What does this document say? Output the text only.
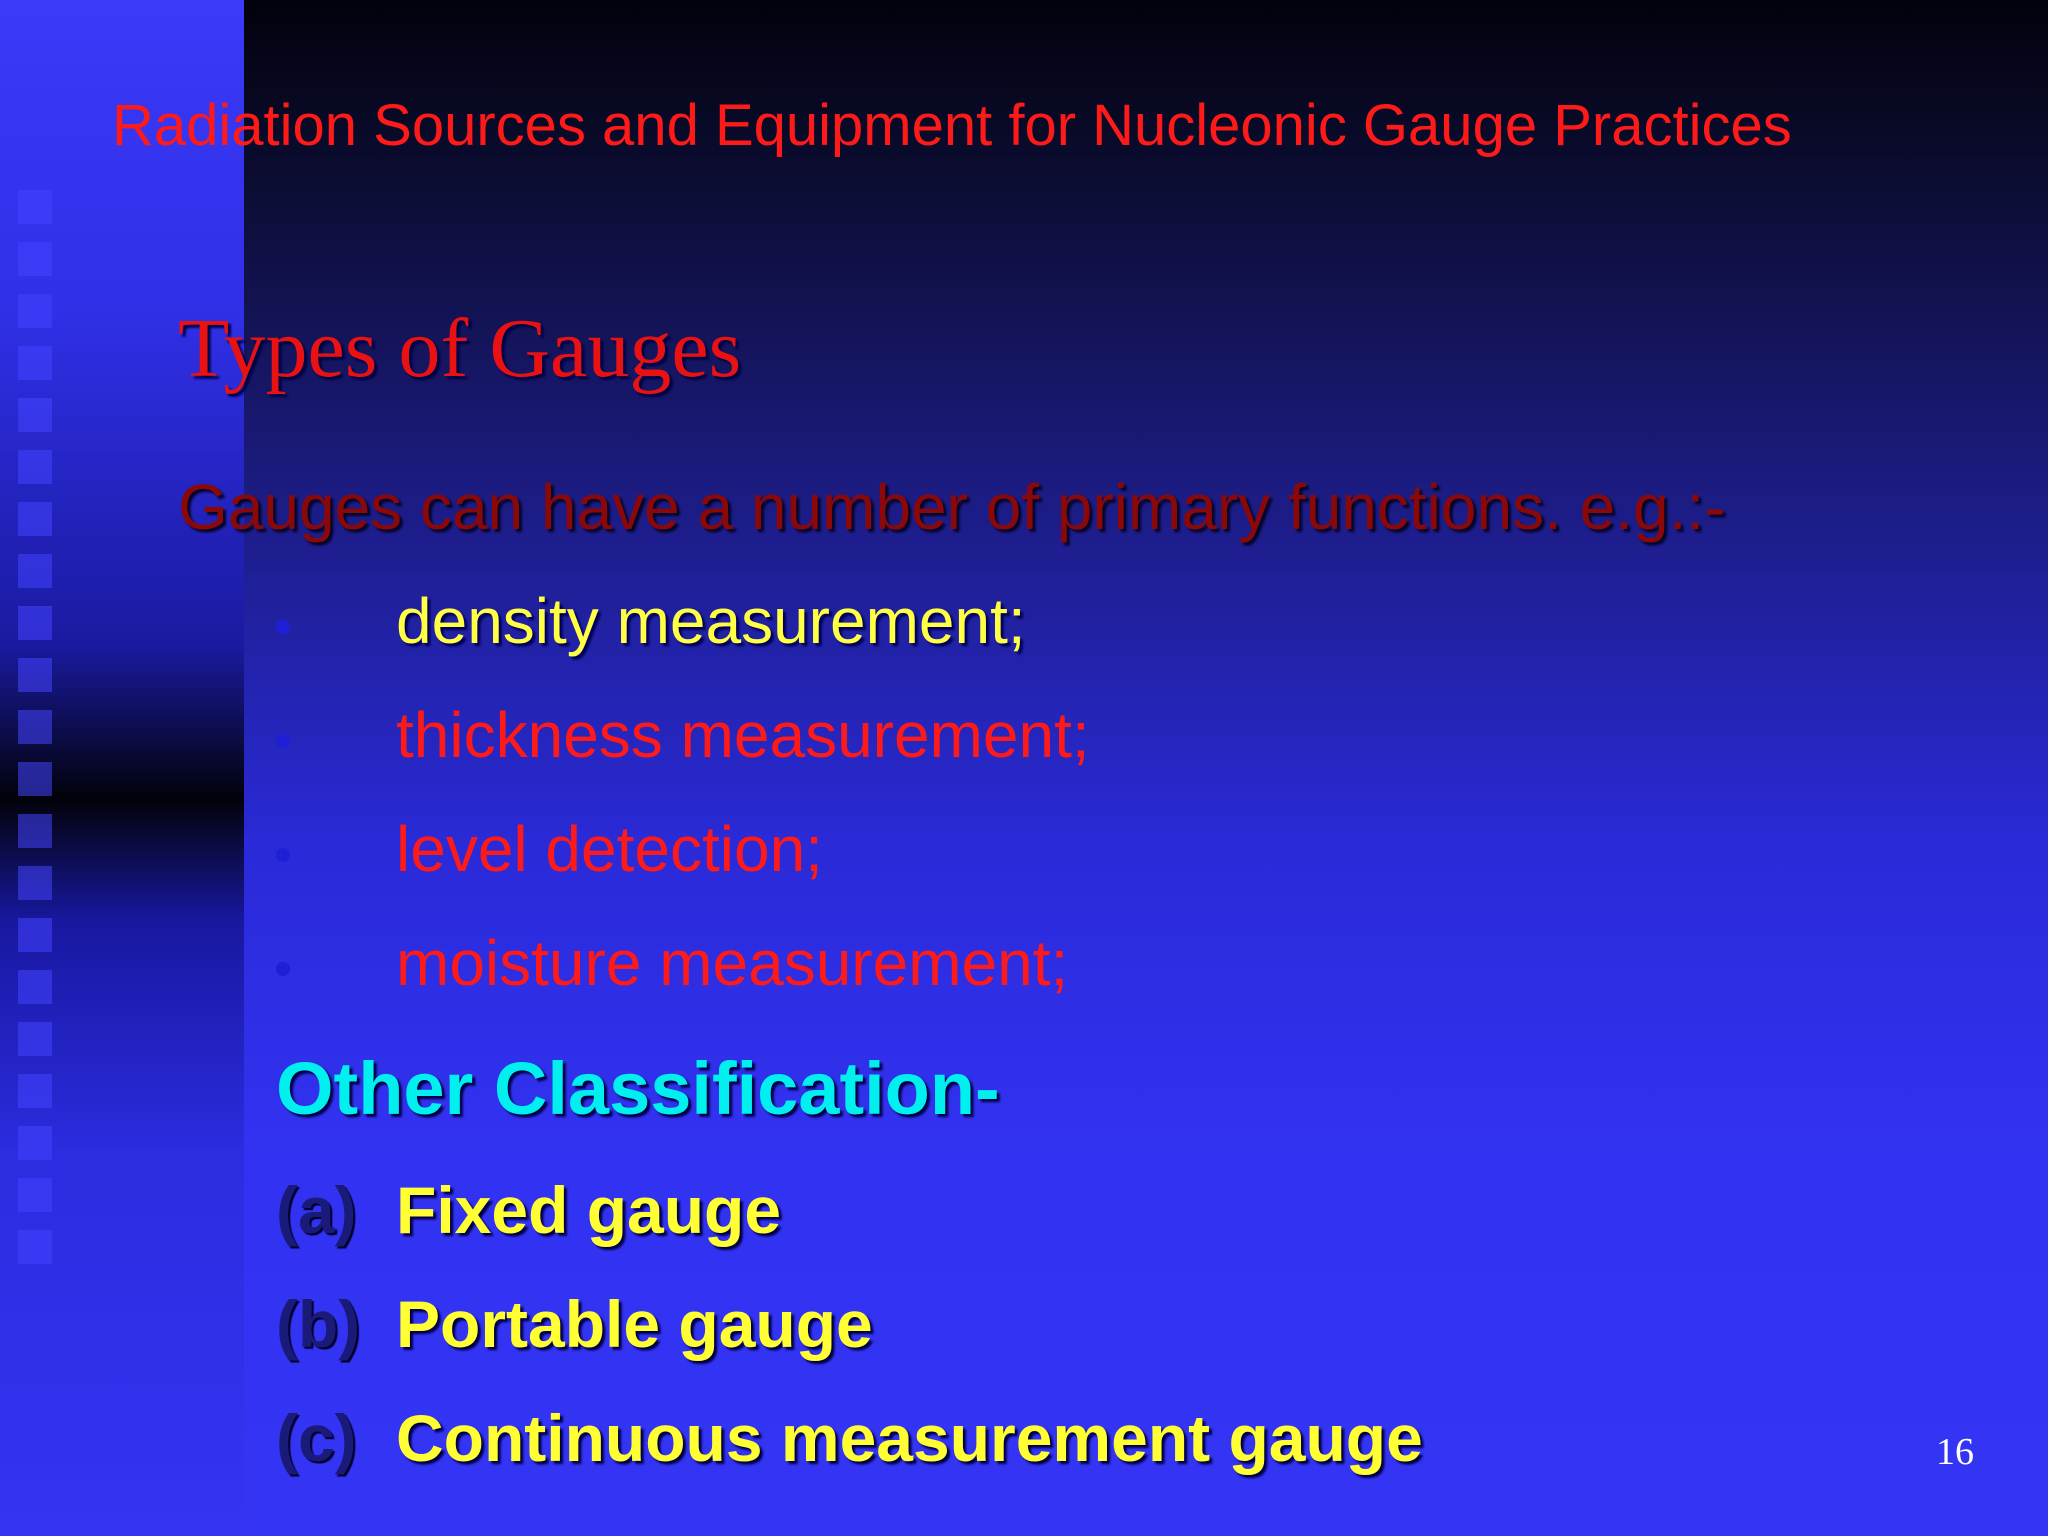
Radiation Sources and Equipment for Nucleonic Gauge Practices
Types of Gauges
Gauges can have a number of primary functions. e.g.:-
density measurement;
thickness measurement;
level detection;
moisture measurement;
Other Classification-
(a) Fixed gauge
(b) Portable gauge
(c) Continuous measurement gauge	16
